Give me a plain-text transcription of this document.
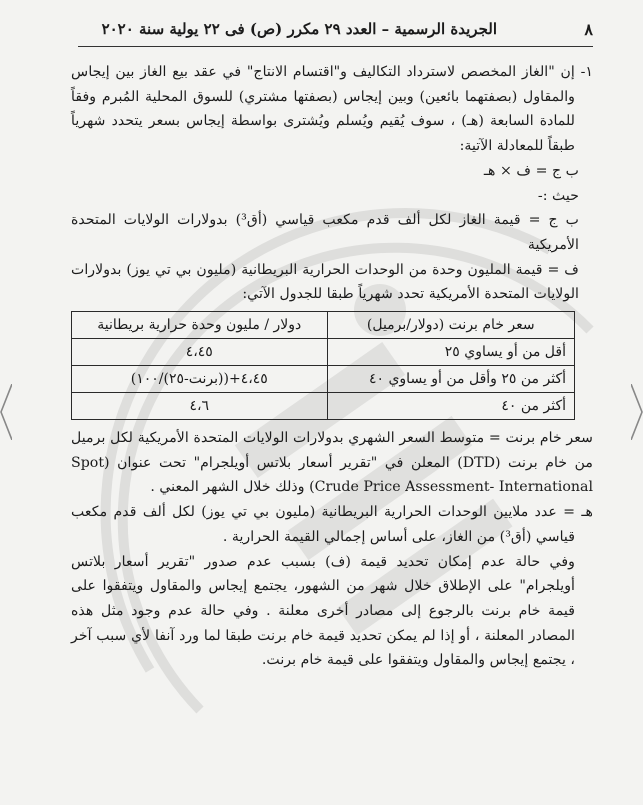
٨
الجريدة الرسمية – العدد ٢٩ مكرر (ص) فى ٢٢ يولية سنة ٢٠٢٠

١- إن "الغاز المخصص لاسترداد التكاليف و"اقتسام الانتاج" في عقد بيع الغاز بين إيجاس والمقاول (بصفتهما بائعين) وبين إيجاس (بصفتها مشتري) للسوق المحلية المُبرم وفقاً للمادة السابعة (هـ) ، سوف يُقيم ويُسلم ويُشترى بواسطة إيجاس بسعر يتحدد شهرياً طبقاً للمعادلة الآتية:

ب ج = ف × هـ

حيث :-

ب ج = قيمة الغاز لكل ألف قدم مكعب قياسي (أق³) بدولارات الولايات المتحدة الأمريكية

ف = قيمة المليون وحدة من الوحدات الحرارية البريطانية (مليون بي تي يوز) بدولارات الولايات المتحدة الأمريكية تحدد شهرياً طبقا للجدول الآتي:

سعر خام برنت (دولار/برميل)	دولار / مليون وحدة حرارية بريطانية
أقل من أو يساوي ٢٥	٤،٤٥
أكثر من ٢٥ وأقل من أو يساوي ٤٠	٤،٤٥+((برنت-٢٥)/١٠٠)
أكثر من ٤٠	٤،٦

سعر خام برنت = متوسط السعر الشهري بدولارات الولايات المتحدة الأمريكية لكل برميل من خام برنت (DTD) المعلن في "تقرير أسعار بلاتس أويلجرام" تحت عنوان (Spot Crude Price Assessment- International) وذلك خلال الشهر المعني .

هـ = عدد ملايين الوحدات الحرارية البريطانية (مليون بي تي يوز) لكل ألف قدم مكعب قياسي (أق³) من الغاز، على أساس إجمالي القيمة الحرارية .

وفي حالة عدم إمكان تحديد قيمة (ف) بسبب عدم صدور "تقرير أسعار بلاتس أويلجرام" على الإطلاق خلال شهر من الشهور، يجتمع إيجاس والمقاول ويتفقوا على قيمة خام برنت بالرجوع إلى مصادر أخرى معلنة . وفي حالة عدم وجود مثل هذه المصادر المعلنة ، أو إذا لم يمكن تحديد قيمة خام برنت طبقا لما ورد آنفا لأي سبب آخر ، يجتمع إيجاس والمقاول ويتفقوا على قيمة خام برنت.
